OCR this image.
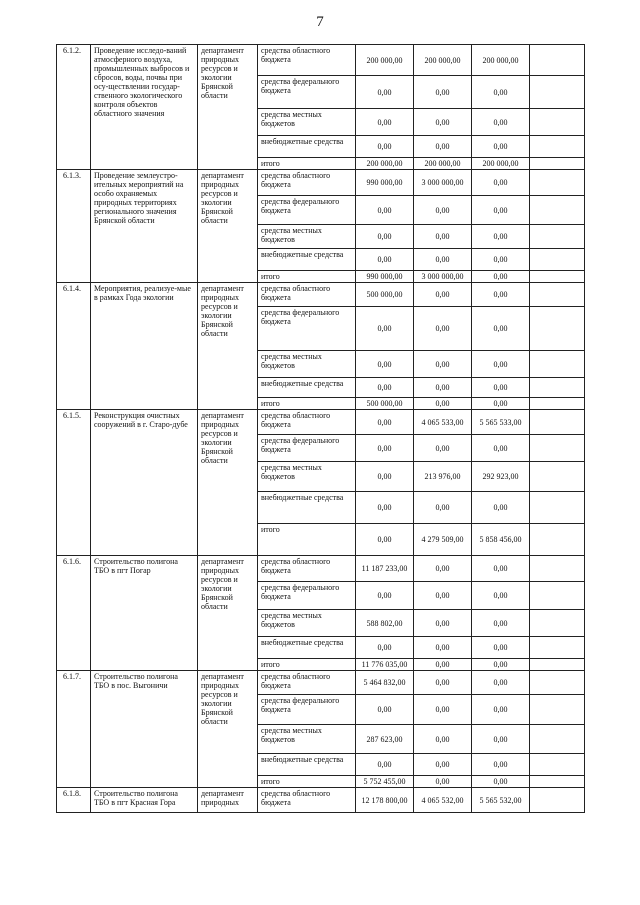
7
6.1.2.	Проведение исследо-ваний атмосферного воздуха, промышленных выбросов и сбросов, воды, почвы при осу-ществлении государ-ственного экологического контроля объектов областного значения	департамент природных ресурсов и экологии Брянской области	средства областного бюджета	200 000,00	200 000,00	200 000,00	
			средства федерального бюджета	0,00	0,00	0,00	
			средства местных бюджетов	0,00	0,00	0,00	
			внебюджетные средства	0,00	0,00	0,00	
			итого	200 000,00	200 000,00	200 000,00	
6.1.3.	Проведение землеустро-ительных мероприятий на особо охраняемых природных территориях регионального значения Брянской области	департамент природных ресурсов и экологии Брянской области	средства областного бюджета	990 000,00	3 000 000,00	0,00	
			средства федерального бюджета	0,00	0,00	0,00	
			средства местных бюджетов	0,00	0,00	0,00	
			внебюджетные средства	0,00	0,00	0,00	
			итого	990 000,00	3 000 000,00	0,00	
6.1.4.	Мероприятия, реализуе-мые в рамках Года экологии	департамент природных ресурсов и экологии Брянской области	средства областного бюджета	500 000,00	0,00	0,00	
			средства федерального бюджета	0,00	0,00	0,00	
			средства местных бюджетов	0,00	0,00	0,00	
			внебюджетные средства	0,00	0,00	0,00	
			итого	500 000,00	0,00	0,00	
6.1.5.	Реконструкция очистных сооружений в г. Старо-дубе	департамент природных ресурсов и экологии Брянской области	средства областного бюджета	0,00	4 065 533,00	5 565 533,00	
			средства федерального бюджета	0,00	0,00	0,00	
			средства местных бюджетов	0,00	213 976,00	292 923,00	
			внебюджетные средства	0,00	0,00	0,00	
			итого	0,00	4 279 509,00	5 858 456,00	
6.1.6.	Строительство полигона ТБО в пгт Погар	департамент природных ресурсов и экологии Брянской области	средства областного бюджета	11 187 233,00	0,00	0,00	
			средства федерального бюджета	0,00	0,00	0,00	
			средства местных бюджетов	588 802,00	0,00	0,00	
			внебюджетные средства	0,00	0,00	0,00	
			итого	11 776 035,00	0,00	0,00	
6.1.7.	Строительство полигона ТБО в пос. Выгоничи	департамент природных ресурсов и экологии Брянской области	средства областного бюджета	5 464 832,00	0,00	0,00	
			средства федерального бюджета	0,00	0,00	0,00	
			средства местных бюджетов	287 623,00	0,00	0,00	
			внебюджетные средства	0,00	0,00	0,00	
			итого	5 752 455,00	0,00	0,00	
6.1.8.	Строительство полигона ТБО в пгт Красная Гора	департамент природных	средства областного бюджета	12 178 800,00	4 065 532,00	5 565 532,00	
